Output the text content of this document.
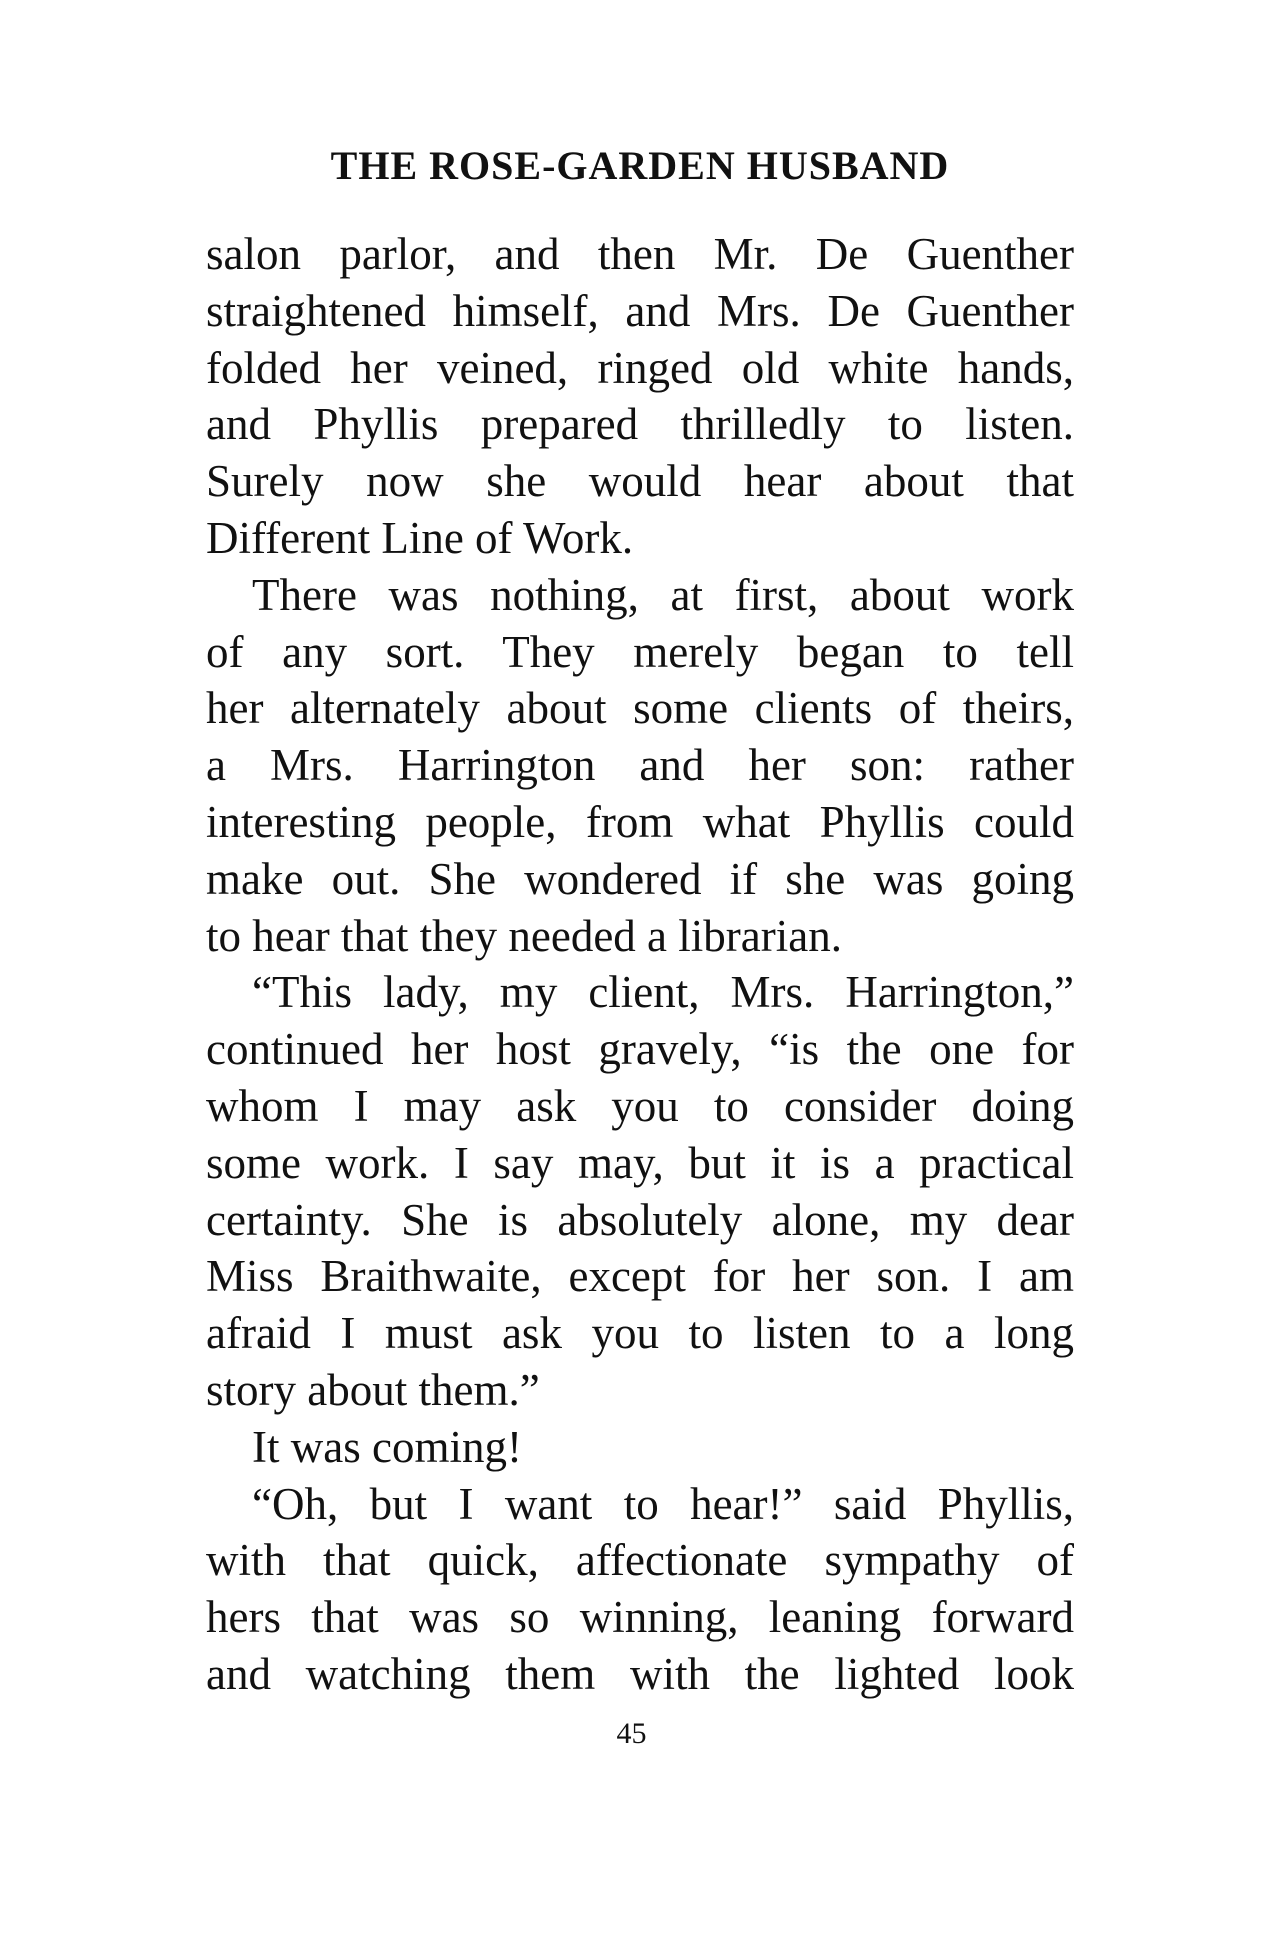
THE ROSE-GARDEN HUSBAND
salon parlor, and then Mr. De Guenther
straightened himself, and Mrs. De Guenther
folded her veined, ringed old white hands,
and Phyllis prepared thrilledly to listen.
Surely now she would hear about that
Different Line of Work.
There was nothing, at first, about work
of any sort. They merely began to tell
her alternately about some clients of theirs,
a Mrs. Harrington and her son: rather
interesting people, from what Phyllis could
make out. She wondered if she was going
to hear that they needed a librarian.
“This lady, my client, Mrs. Harrington,”
continued her host gravely, “is the one for
whom I may ask you to consider doing
some work. I say may, but it is a practical
certainty. She is absolutely alone, my dear
Miss Braithwaite, except for her son. I am
afraid I must ask you to listen to a long
story about them.”
It was coming!
“Oh, but I want to hear!” said Phyllis,
with that quick, affectionate sympathy of
hers that was so winning, leaning forward
and watching them with the lighted look

45
